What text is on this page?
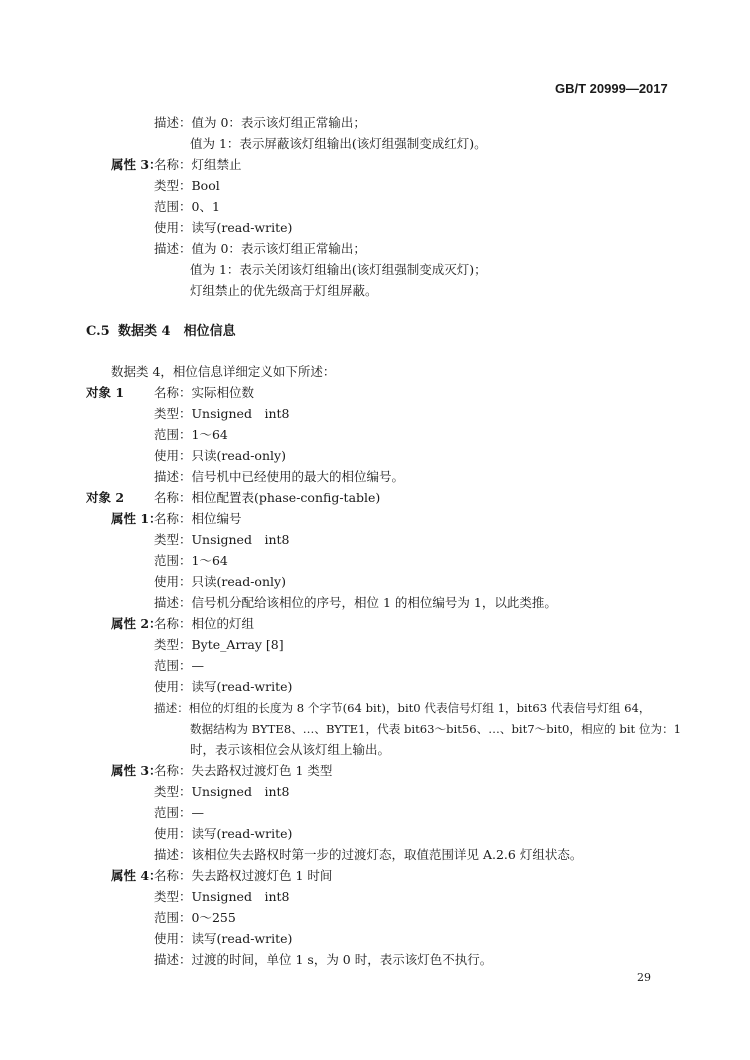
GB/T 20999—2017
描述：值为 0：表示该灯组正常输出；
值为 1：表示屏蔽该灯组输出(该灯组强制变成红灯)。
属性 3：
名称：灯组禁止
类型：Bool
范围：0、1
使用：读写(read-write)
描述：值为 0：表示该灯组正常输出；
值为 1：表示关闭该灯组输出(该灯组强制变成灭灯)；
灯组禁止的优先级高于灯组屏蔽。
C.5 数据类 4　相位信息
数据类 4，相位信息详细定义如下所述：
对象 1 名称：实际相位数
类型：Unsigned　int8
范围：1～64
使用：只读(read-only)
描述：信号机中已经使用的最大的相位编号。
对象 2 名称：相位配置表(phase-config-table)
属性 1：
名称：相位编号
类型：Unsigned　int8
范围：1～64
使用：只读(read-only)
描述：信号机分配给该相位的序号，相位 1 的相位编号为 1，以此类推。
属性 2：
名称：相位的灯组
类型：Byte_Array [8]
范围：—
使用：读写(read-write)
描述：相位的灯组的长度为 8 个字节(64 bit)，bit0 代表信号灯组 1，bit63 代表信号灯组 64，
数据结构为 BYTE8、…、BYTE1，代表 bit63～bit56、…、bit7～bit0，相应的 bit 位为：1
时，表示该相位会从该灯组上输出。
属性 3：
名称：失去路权过渡灯色 1 类型
类型：Unsigned　int8
范围：—
使用：读写(read-write)
描述：该相位失去路权时第一步的过渡灯态，取值范围详见 A.2.6 灯组状态。
属性 4：
名称：失去路权过渡灯色 1 时间
类型：Unsigned　int8
范围：0～255
使用：读写(read-write)
描述：过渡的时间，单位 1 s，为 0 时，表示该灯色不执行。
29
